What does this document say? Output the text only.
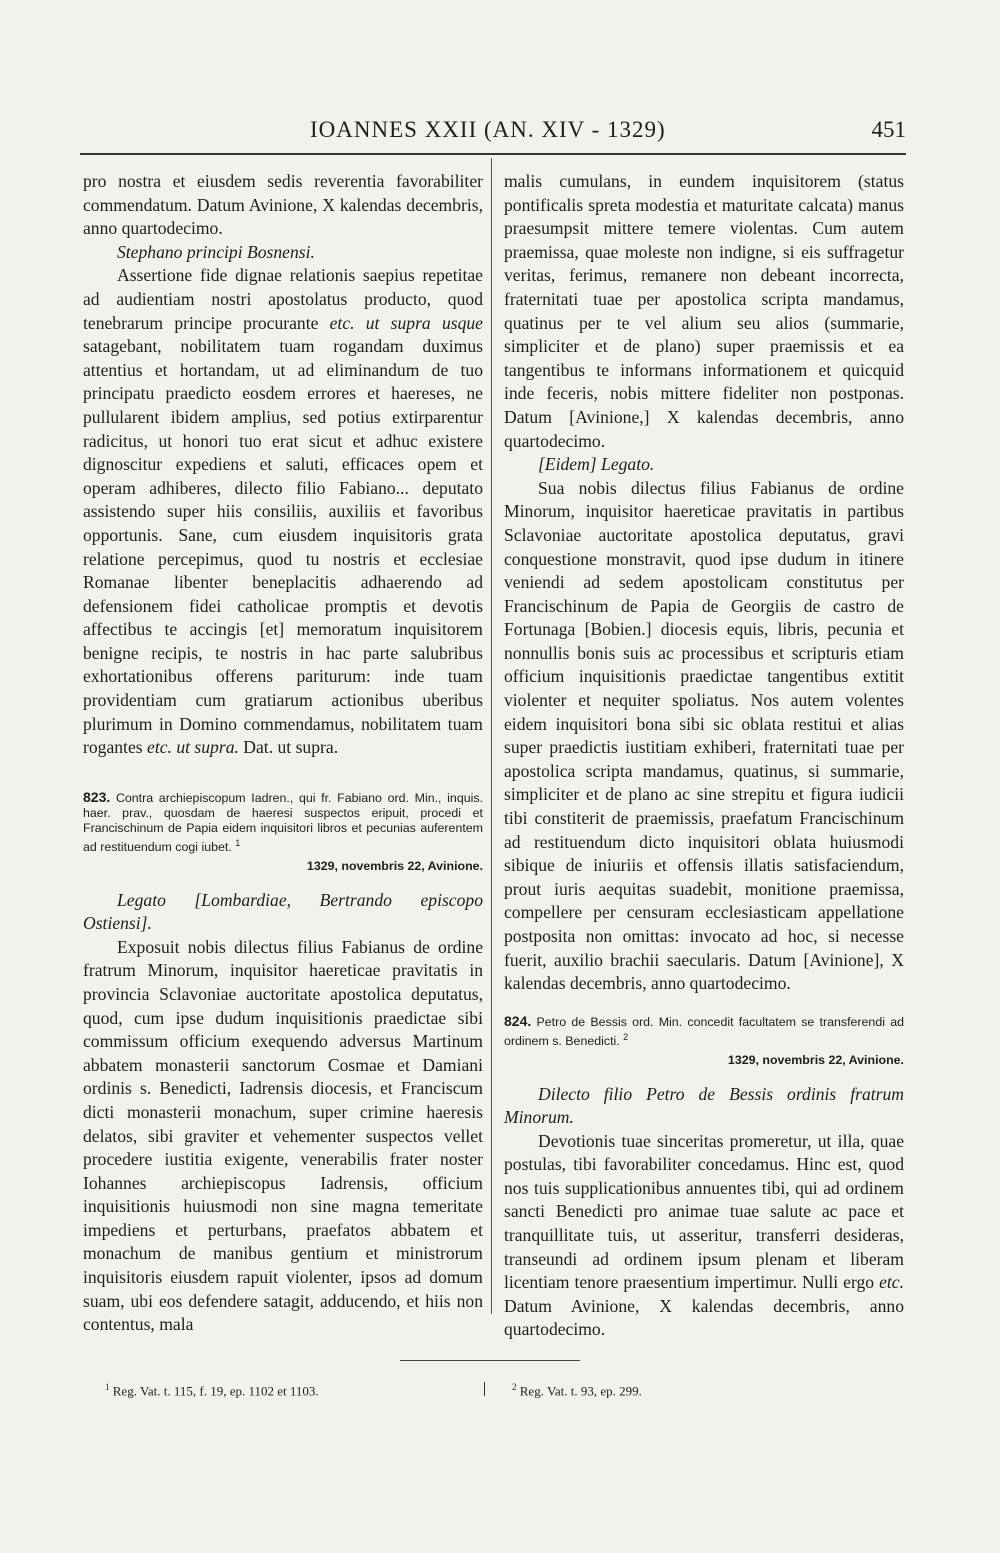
IOANNES XXII (AN. XIV - 1329)	451

pro nostra et eiusdem sedis reverentia favorabiliter commendatum. Datum Avinione, X kalendas decembris, anno quartodecimo.

Stephano principi Bosnensi.

Assertione fide dignae relationis saepius repetitae ad audientiam nostri apostolatus producto, quod tenebrarum principe procurante etc. ut supra usque satagebant, nobilitatem tuam rogandam duximus attentius et hortandam, ut ad eliminandum de tuo principatu praedicto eosdem errores et haereses, ne pullularent ibidem amplius, sed potius extirparentur radicitus, ut honori tuo erat sicut et adhuc existere dignoscitur expediens et saluti, efficaces opem et operam adhiberes, dilecto filio Fabiano... deputato assistendo super hiis consiliis, auxiliis et favoribus opportunis. Sane, cum eiusdem inquisitoris grata relatione percepimus, quod tu nostris et ecclesiae Romanae libenter beneplacitis adhaerendo ad defensionem fidei catholicae promptis et devotis affectibus te accingis [et] memoratum inquisitorem benigne recipis, te nostris in hac parte salubribus exhortationibus offerens pariturum: inde tuam providentiam cum gratiarum actionibus uberibus plurimum in Domino commendamus, nobilitatem tuam rogantes etc. ut supra. Dat. ut supra.

823. Contra archiepiscopum Iadren., qui fr. Fabiano ord. Min., inquis. haer. prav., quosdam de haeresi suspectos eripuit, procedi et Francischinum de Papia eidem inquisitori libros et pecunias auferentem ad restituendum cogi iubet. $^1$

1329, novembris 22, Avinione.

Legato [Lombardiae, Bertrando episcopo Ostiensi].

Exposuit nobis dilectus filius Fabianus de ordine fratrum Minorum, inquisitor haereticae pravitatis in provincia Sclavoniae auctoritate apostolica deputatus, quod, cum ipse dudum inquisitionis praedictae sibi commissum officium exequendo adversus Martinum abbatem monasterii sanctorum Cosmae et Damiani ordinis s. Benedicti, Iadrensis diocesis, et Franciscum dicti monasterii monachum, super crimine haeresis delatos, sibi graviter et vehementer suspectos vellet procedere iustitia exigente, venerabilis frater noster Iohannes archiepiscopus Iadrensis, officium inquisitionis huiusmodi non sine magna temeritate impediens et perturbans, praefatos abbatem et monachum de manibus gentium et ministrorum inquisitoris eiusdem rapuit violenter, ipsos ad domum suam, ubi eos defendere satagit, adducendo, et hiis non contentus, mala

malis cumulans, in eundem inquisitorem (status pontificalis spreta modestia et maturitate calcata) manus praesumpsit mittere temere violentas. Cum autem praemissa, quae moleste non indigne, si eis suffragetur veritas, ferimus, remanere non debeant incorrecta, fraternitati tuae per apostolica scripta mandamus, quatinus per te vel alium seu alios (summarie, simpliciter et de plano) super praemissis et ea tangentibus te informans informationem et quicquid inde feceris, nobis mittere fideliter non postponas. Datum [Avinione,] X kalendas decembris, anno quartodecimo.

[Eidem] Legato.

Sua nobis dilectus filius Fabianus de ordine Minorum, inquisitor haereticae pravitatis in partibus Sclavoniae auctoritate apostolica deputatus, gravi conquestione monstravit, quod ipse dudum in itinere veniendi ad sedem apostolicam constitutus per Francischinum de Papia de Georgiis de castro de Fortunaga [Bobien.] diocesis equis, libris, pecunia et nonnullis bonis suis ac processibus et scripturis etiam officium inquisitionis praedictae tangentibus extitit violenter et nequiter spoliatus. Nos autem volentes eidem inquisitori bona sibi sic oblata restitui et alias super praedictis iustitiam exhiberi, fraternitati tuae per apostolica scripta mandamus, quatinus, si summarie, simpliciter et de plano ac sine strepitu et figura iudicii tibi constiterit de praemissis, praefatum Francischinum ad restituendum dicto inquisitori oblata huiusmodi sibique de iniuriis et offensis illatis satisfaciendum, prout iuris aequitas suadebit, monitione praemissa, compellere per censuram ecclesiasticam appellatione postposita non omittas: invocato ad hoc, si necesse fuerit, auxilio brachii saecularis. Datum [Avinione], X kalendas decembris, anno quartodecimo.

824. Petro de Bessis ord. Min. concedit facultatem se transferendi ad ordinem s. Benedicti. $^2$

1329, novembris 22, Avinione.

Dilecto filio Petro de Bessis ordinis fratrum Minorum.

Devotionis tuae sinceritas promeretur, ut illa, quae postulas, tibi favorabiliter concedamus. Hinc est, quod nos tuis supplicationibus annuentes tibi, qui ad ordinem sancti Benedicti pro animae tuae salute ac pace et tranquillitate tuis, ut asseritur, transferri desideras, transeundi ad ordinem ipsum plenam et liberam licentiam tenore praesentium impertimur. Nulli ergo etc. Datum Avinione, X kalendas decembris, anno quartodecimo.

$^1$ Reg. Vat. t. 115, f. 19, ep. 1102 et 1103.	$^2$ Reg. Vat. t. 93, ep. 299.
